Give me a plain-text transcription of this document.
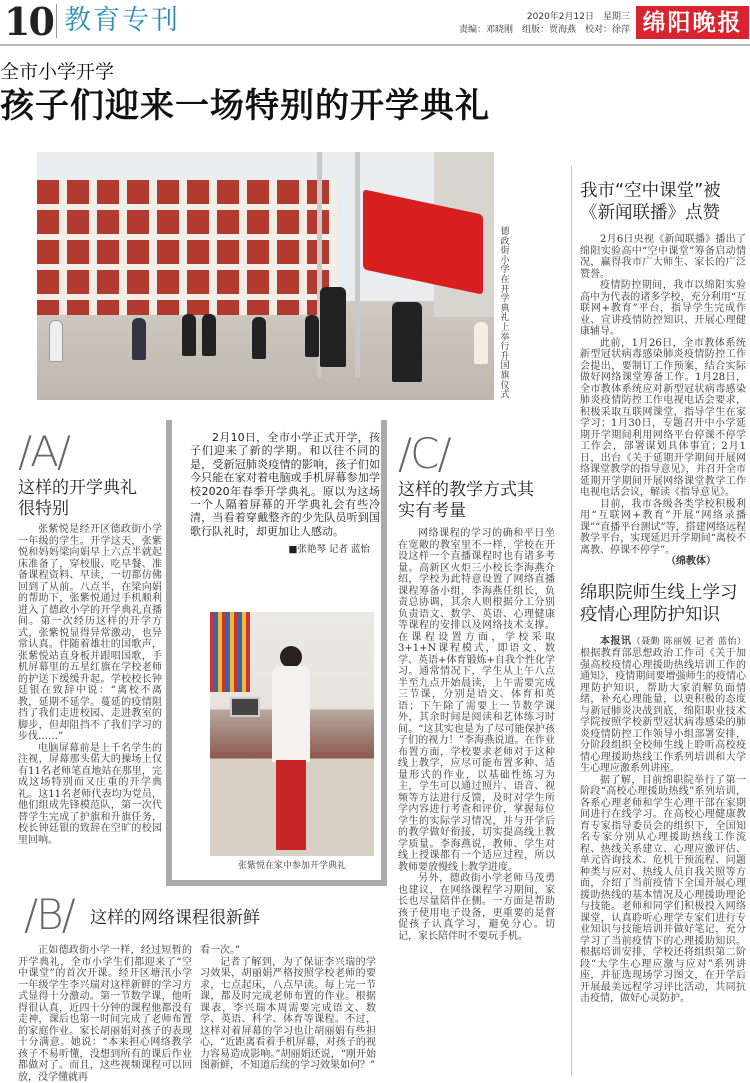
10 教育专刊	2020年2月12日　星期三
责编：邓晓刚　组版：贾海燕　校对：徐萍 绵阳晚报
全市小学开学
孩子们迎来一场特别的开学典礼
德政街小学在开学典礼上举行升国旗仪式
/A/
这样的开学典礼很特别

张紫悦是经开区德政街小学一年级的学生。开学这天，张紫悦和妈妈梁向娟早上六点半就起床准备了，穿校服、吃早餐、准备课程资料、早读，一切都仿佛回到了从前。八点半，在梁向娟的帮助下，张紫悦通过手机顺利进入了德政小学的开学典礼直播间。第一次经历这样的开学方式，张紫悦显得异常激动，也异常认真。伴随着雄壮的国歌声，张紫悦站直身板并跟唱国歌，手机屏幕里的五星红旗在学校老师的护送下缓缓升起。学校校长钟廷银在致辞中说：“离校不离教，延期不延学。蔓延的疫情阻挡了我们走进校园、走进教室的脚步，但却阻挡不了我们学习的步伐……”

电脑屏幕前是上千名学生的注视，屏幕那头偌大的操场上仅有11名老师笔直地站在那里，完成这场特别而又庄重的开学典礼。这11名老师代表均为党员，他们组成先锋模范队，第一次代替学生完成了护旗和升旗任务，校长钟廷银的致辞在空旷的校园里回响。

2月10日，全市小学正式开学，孩子们迎来了新的学期。和以往不同的是，受新冠肺炎疫情的影响，孩子们如今只能在家对着电脑或手机屏幕参加学校2020年春季开学典礼。原以为这场一个人隔着屏幕的开学典礼会有些冷清，当看着穿戴整齐的少先队员听到国歌行队礼时，却更加让人感动。

■张艳琴 记者 蓝怡
张紫悦在家中参加开学典礼
/B/ 这样的网络课程很新鲜

正如德政街小学一样，经过短暂的开学典礼，全市小学生们都迎来了“空中课堂”的首次开课。经开区塘汛小学一年级学生李兴瑞对这样新鲜的学习方式显得十分激动。第一节数学课，他听得很认真，近四十分钟的课程他都没有走神，课后也第一时间完成了老师布置的家庭作业。家长胡丽娟对孩子的表现十分满意。她说：“本来担心网络教学孩子不易听懂，没想到所有的课后作业都做对了。而且，这些视频课程可以回放，没学懂就再

看一次。”

记者了解到，为了保证李兴瑞的学习效果，胡丽娟严格按照学校老师的要求，七点起床，八点早读。每上完一节课，都及时完成老师布置的作业。根据课表，李兴瑞本周需要完成语文、数学、英语、科学、体育等课程。不过，这样对着屏幕的学习也让胡丽娟有些担心，“近距离看着手机屏幕，对孩子的视力容易造成影响。”胡丽娟还说，“刚开始图新鲜，不知道后续的学习效果如何？”

/C/
这样的教学方式其实有考量

网络课程的学习的确和平日坐在宽敞的教室里不一样，学校在开设这样一个直播课程时也有诸多考量。高新区火炬三小校长李海燕介绍，学校为此特意设置了网络直播课程筹备小组，李海燕任组长，负责总协调，其余人则根据分工分别负责语文、数学、英语、心理健康等课程的安排以及网络技术支撑。在课程设置方面，学校采取3+1+N课程模式，即语文、数学、英语+体育锻炼+自我个性化学习。通常情况下，学生从上午八点半至九点开始晨读，上午需要完成三节课，分别是语文、体育和英语；下午除了需要上一节数学课外，其余时间是阅读和艺体练习时间。“这其实也是为了尽可能保护孩子们的视力！”李海燕说道。在作业布置方面，学校要求老师对于这种线上教学，应尽可能布置多种、适量形式的作业，以基础性练习为主，学生可以通过照片、语音、视频等方法进行反馈，及时对学生所学内容进行考查和评价，掌握每位学生的实际学习情况，并与开学后的教学做好衔接，切实提高线上教学质量。李海燕说，教师、学生对线上授课都有一个适应过程，所以教师要放慢线上教学进度。

另外，德政街小学老师马茂勇也建议，在网络课程学习期间，家长也尽量陪伴在侧。一方面是帮助孩子使用电子设备，更重要的是督促孩子认真学习，避免分心。切记，家长陪伴时不要玩手机。

我市“空中课堂”被《新闻联播》点赞

2月6日央视《新闻联播》播出了绵阳实验高中“空中课堂”筹备启动情况，赢得我市广大师生、家长的广泛赞誉。

疫情防控期间，我市以绵阳实验高中为代表的诸多学校，充分利用“互联网+教育”平台，指导学生完成作业、宣讲疫情防控知识、开展心理健康辅导。

此前，1月26日，全市教体系统新型冠状病毒感染肺炎疫情防控工作会提出，要制订工作预案，结合实际做好网络课堂筹备工作。1月28日，全市教体系统应对新型冠状病毒感染肺炎疫情防控工作电视电话会要求，积极采取互联网课堂，指导学生在家学习；1月30日，专题召开中小学延期开学期间利用网络平台停课不停学工作会，部署谋划具体事宜；2月1日，出台《关于延期开学期间开展网络课堂教学的指导意见》，并召开全市延期开学期间开展网络课堂教学工作电视电话会议，解读《指导意见》。

目前，我市各级各类学校积极利用“互联网+教育”开展“网络录播课”“直播平台测试”等，搭建网络远程教学平台，实现延迟开学期间“离校不离教、停课不停学”。

（绵教体）
绵职院师生线上学习疫情心理防护知识

本报讯（聂勤 陈丽媛 记者 蓝怡）根据教育部思想政治工作司《关于加强高校疫情心理援助热线培训工作的通知》，疫情期间要增强师生的疫情心理防护知识，帮助大家消解负面情绪，补充心理能量，以更积极的态度与新冠肺炎决战到底，绵阳职业技术学院按照学校新型冠状病毒感染的肺炎疫情防控工作领导小组部署安排，分阶段组织全校师生线上聆听高校疫情心理援助热线工作系列培训和大学生心理应激系列讲座。

据了解，目前绵职院举行了第一阶段“高校心理援助热线”系列培训，各系心理老师和学生心理干部在家期间进行在线学习。在高校心理健康教育专家指导委员会的组织下，全国知名专家分别从心理援助热线工作流程、热线关系建立、心理应激评估、单元咨询技术、危机干预流程、问题种类与应对、热线人员自我关照等方面，介绍了当前疫情下全国开展心理援助热线的基本情况及心理援助理论与技能。老师和同学们积极投入网络课堂，认真聆听心理学专家们进行专业知识与技能培训并做好笔记，充分学习了当前疫情下的心理援助知识。根据培训安排，学校还将组织第二阶段“大学生心理应激与应对”系列讲座，并征选现场学习图文，在开学后开展最美远程学习评比活动，共同抗击疫情，做好心灵防护。
